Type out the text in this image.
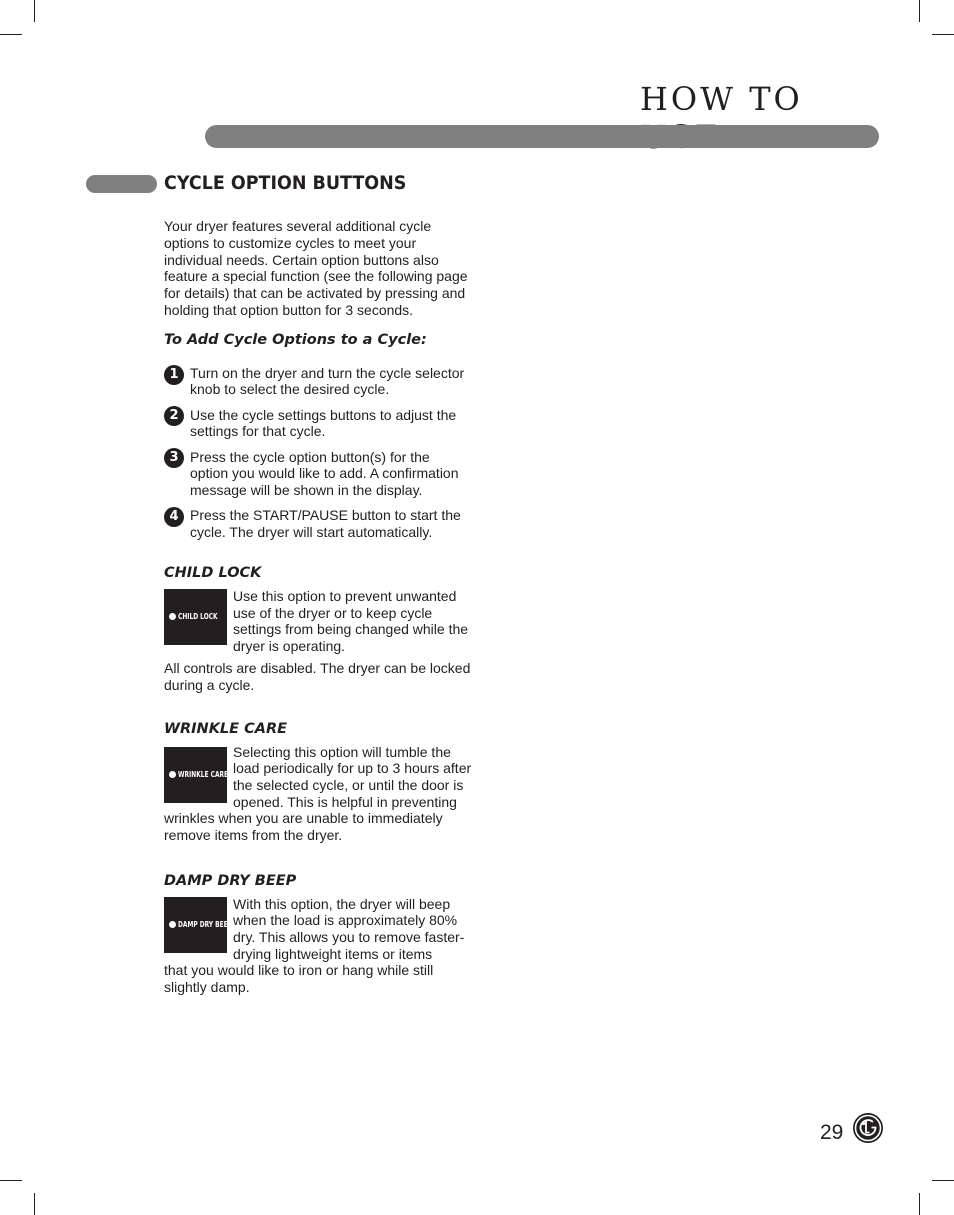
HOW TO
CYCLE OPTION BUTTONS

Your dryer features several additional cycle

options to customize cycles to meet your

individual needs. Certain option buttons also

feature a special function (see the following page

for details) that can be activated by pressing and

holding that option button for 3 seconds.

To Add Cycle Options to a Cycle:
1 Turn on the dryer and turn the cycle selector

knob to select the desired cycle.

2 Use the cycle settings buttons to adjust the

settings for that cycle.

3 Press the cycle option button(s) for the

option you would like to add. A confirmation

message will be shown in the display.

4 Press the START/PAUSE button to start the

cycle. The dryer will start automatically.

CHILD LOCK
CHILD LOCK

Use this option to prevent unwanted

use of the dryer or to keep cycle

settings from being changed while the

dryer is operating.

All controls are disabled. The dryer can be locked

during a cycle.

WRINKLE CARE
WRINKLE CARE

Selecting this option will tumble the

load periodically for up to 3 hours after

the selected cycle, or until the door is

opened. This is helpful in preventing

wrinkles when you are unable to immediately

remove items from the dryer.

DAMP DRY BEEP
DAMP DRY BEEP

With this option, the dryer will beep

when the load is approximately 80%

dry. This allows you to remove faster-

drying lightweight items or items

that you would like to iron or hang while still

slightly damp.

29
